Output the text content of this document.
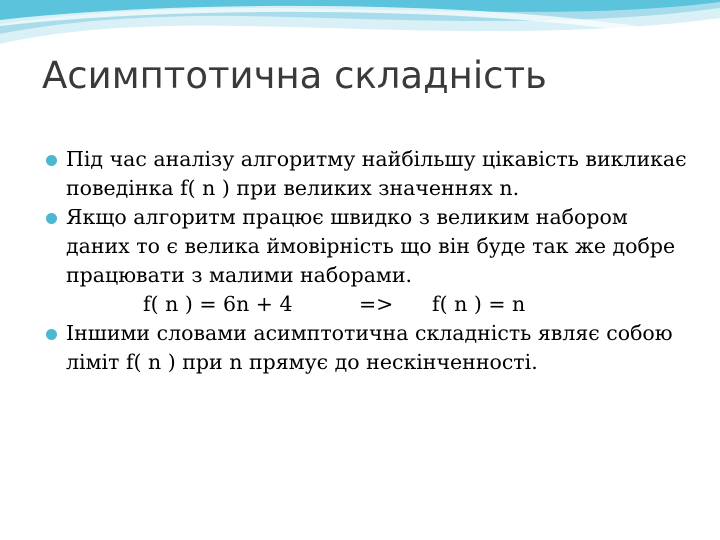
Асимптотична складність
Під час аналізу алгоритму найбільшу цікавість викликає поведінка f( n ) при великих значеннях n.
Якщо алгоритм працює швидко з великим набором даних то є велика ймовірність що він буде так же добре працювати з малими наборами.
f( n ) = 6n + 4	=>	f( n ) = n
Іншими словами асимптотична складність являє собою ліміт f( n ) при n прямує до нескінченності.
